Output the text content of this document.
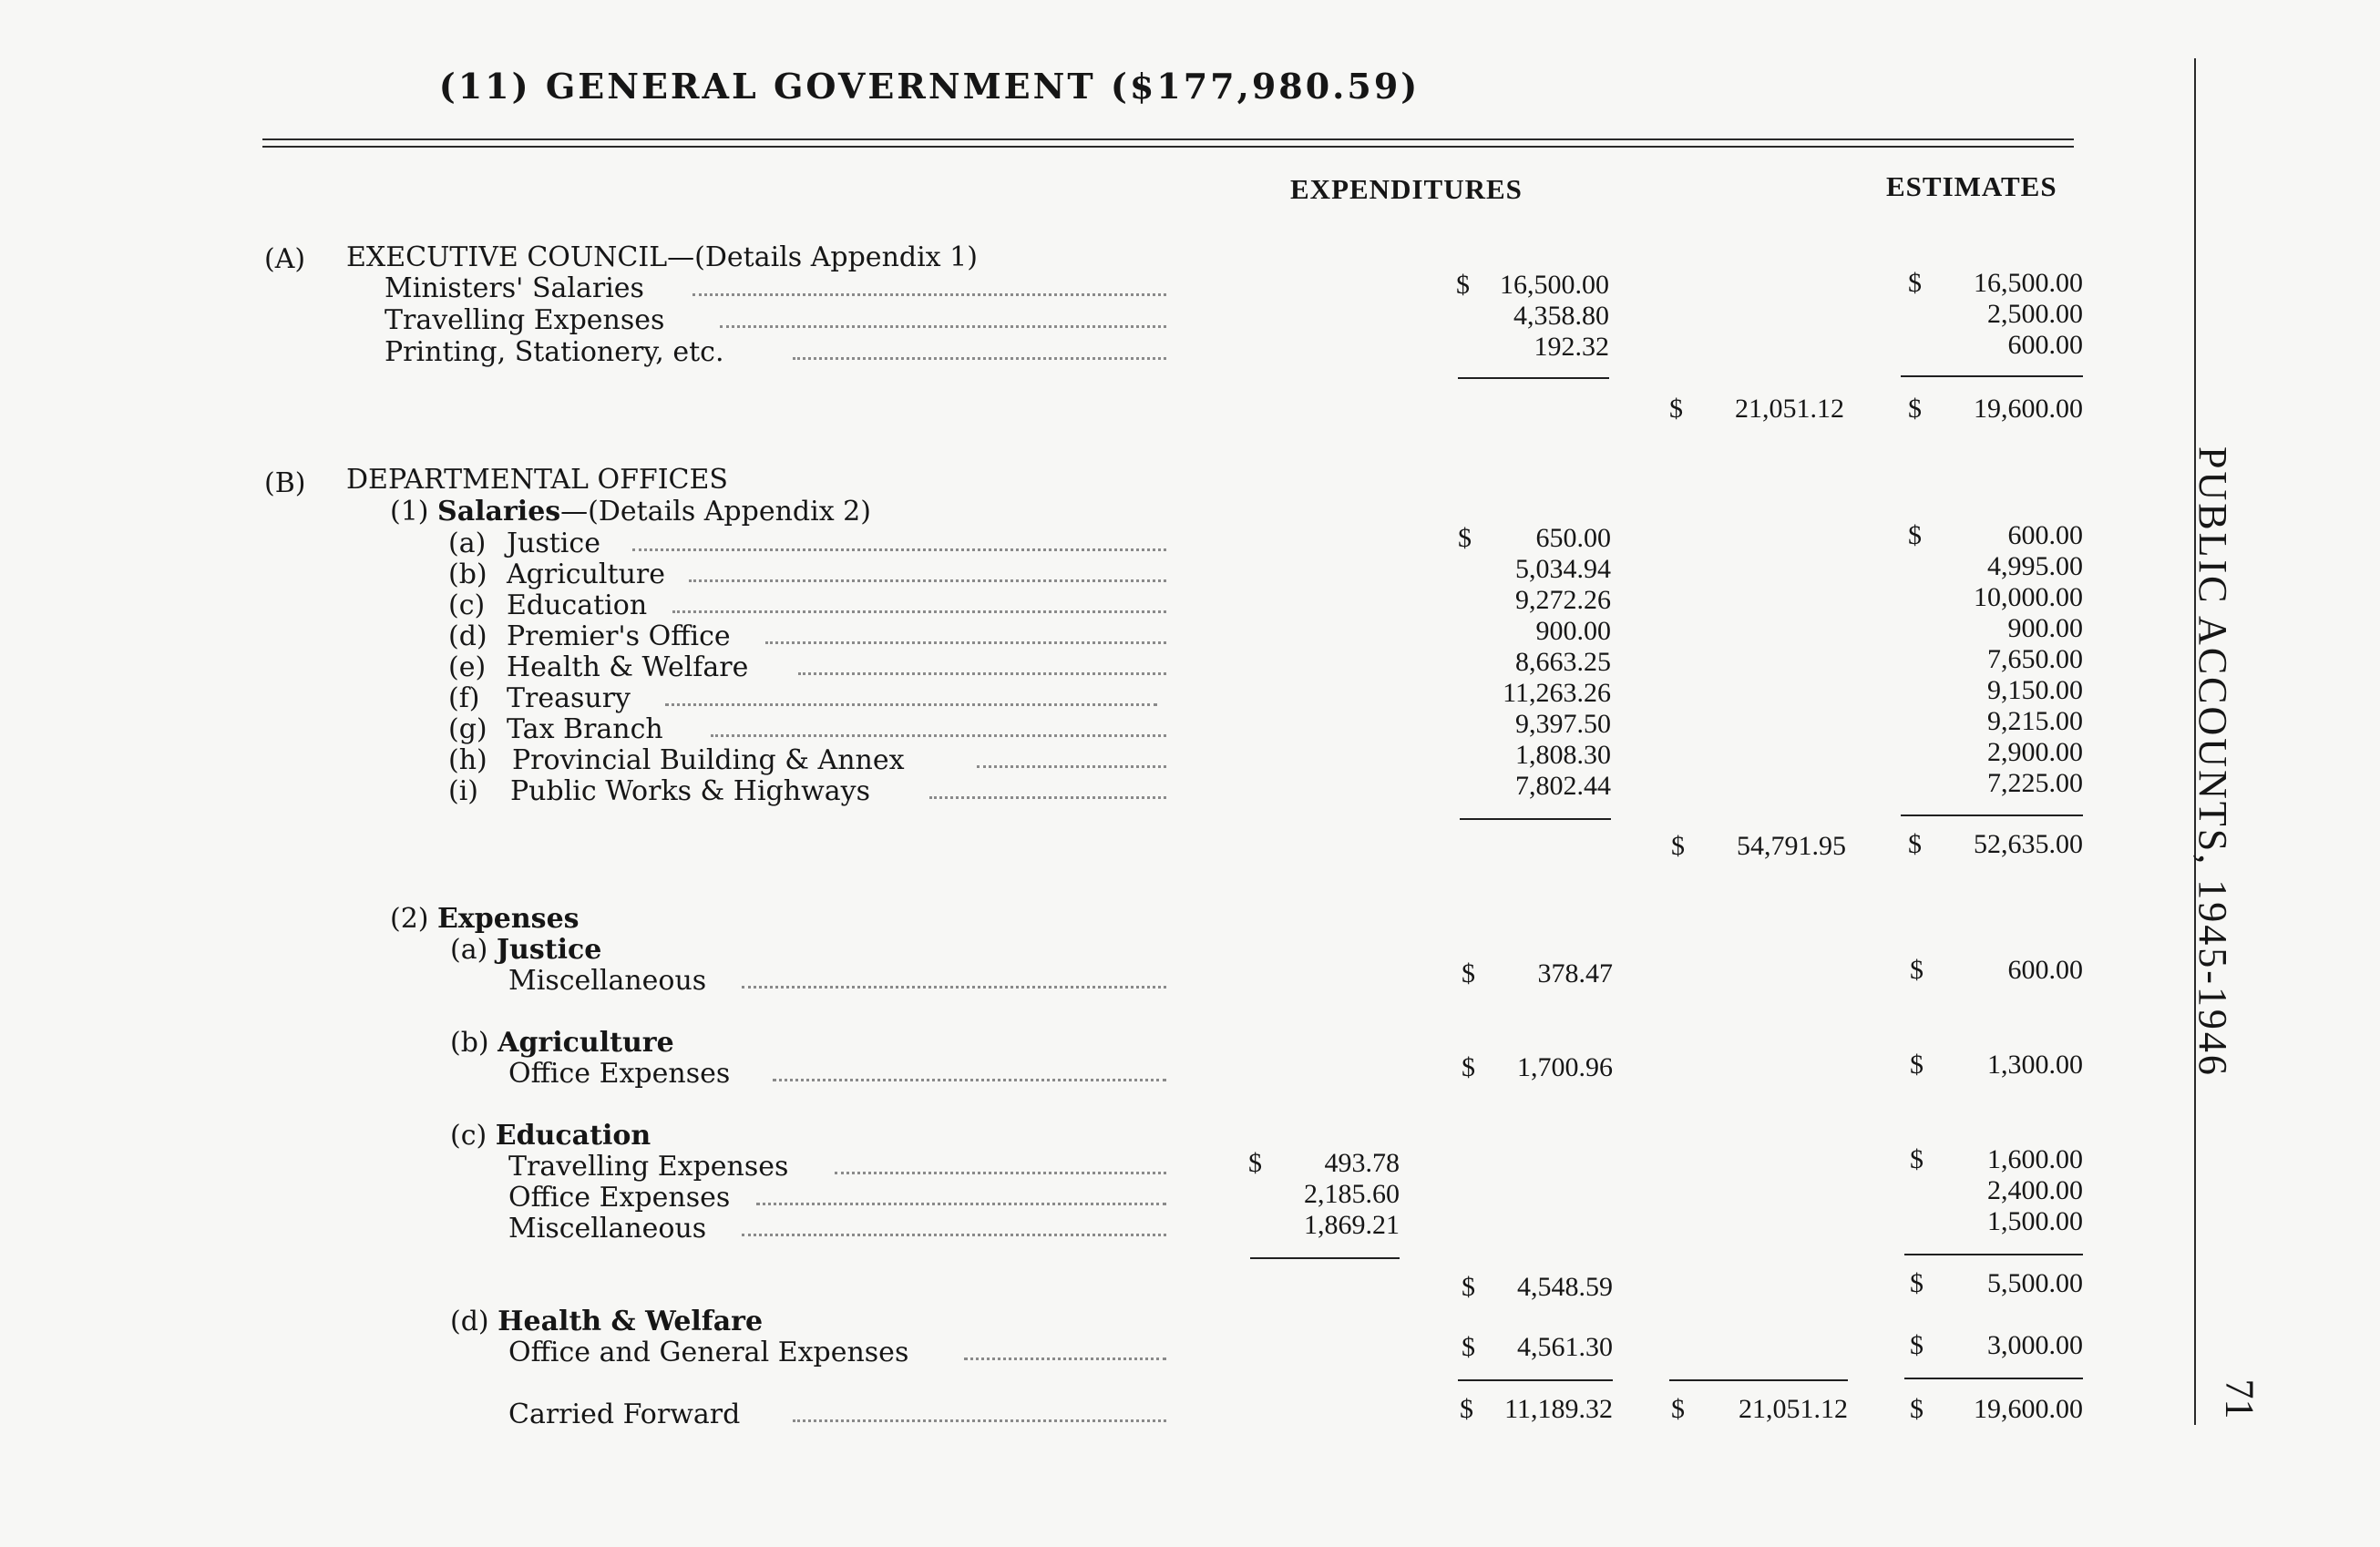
(11) GENERAL GOVERNMENT ($177,980.59)
EXPENDITURES	ESTIMATES
(A) EXECUTIVE COUNCIL—(Details Appendix 1)
Ministers' Salaries	$	16,500.00	$	16,500.00
Travelling Expenses	4,358.80	2,500.00
Printing, Stationery, etc.	192.32	600.00
$	21,051.12 $	19,600.00
(B) DEPARTMENTAL OFFICES
(1) Salaries—(Details Appendix 2)
(a) Justice	$	650.00	$	600.00
(b) Agriculture	5,034.94	4,995.00
(c) Education	9,272.26	10,000.00
(d) Premier's Office	900.00	900.00
(e) Health & Welfare	8,663.25	7,650.00
(f) Treasury	11,263.26	9,150.00
(g) Tax Branch	9,397.50	9,215.00
(h) Provincial Building & Annex	1,808.30	2,900.00
(i) Public Works & Highways	7,802.44	7,225.00
$	54,791.95 $	52,635.00
(2) Expenses
(a) Justice
Miscellaneous	$	378.47	$	600.00
(b) Agriculture
Office Expenses	$	1,700.96	$	1,300.00
(c) Education
Travelling Expenses	$	493.78	$	1,600.00
Office Expenses	2,185.60	2,400.00
Miscellaneous	1,869.21	1,500.00
$	4,548.59	$	5,500.00
(d) Health & Welfare
Office and General Expenses	$	4,561.30	$	3,000.00
Carried Forward	$	11,189.32 $	21,051.12 $	19,600.00
PUBLIC ACCOUNTS, 1945-1946
71
